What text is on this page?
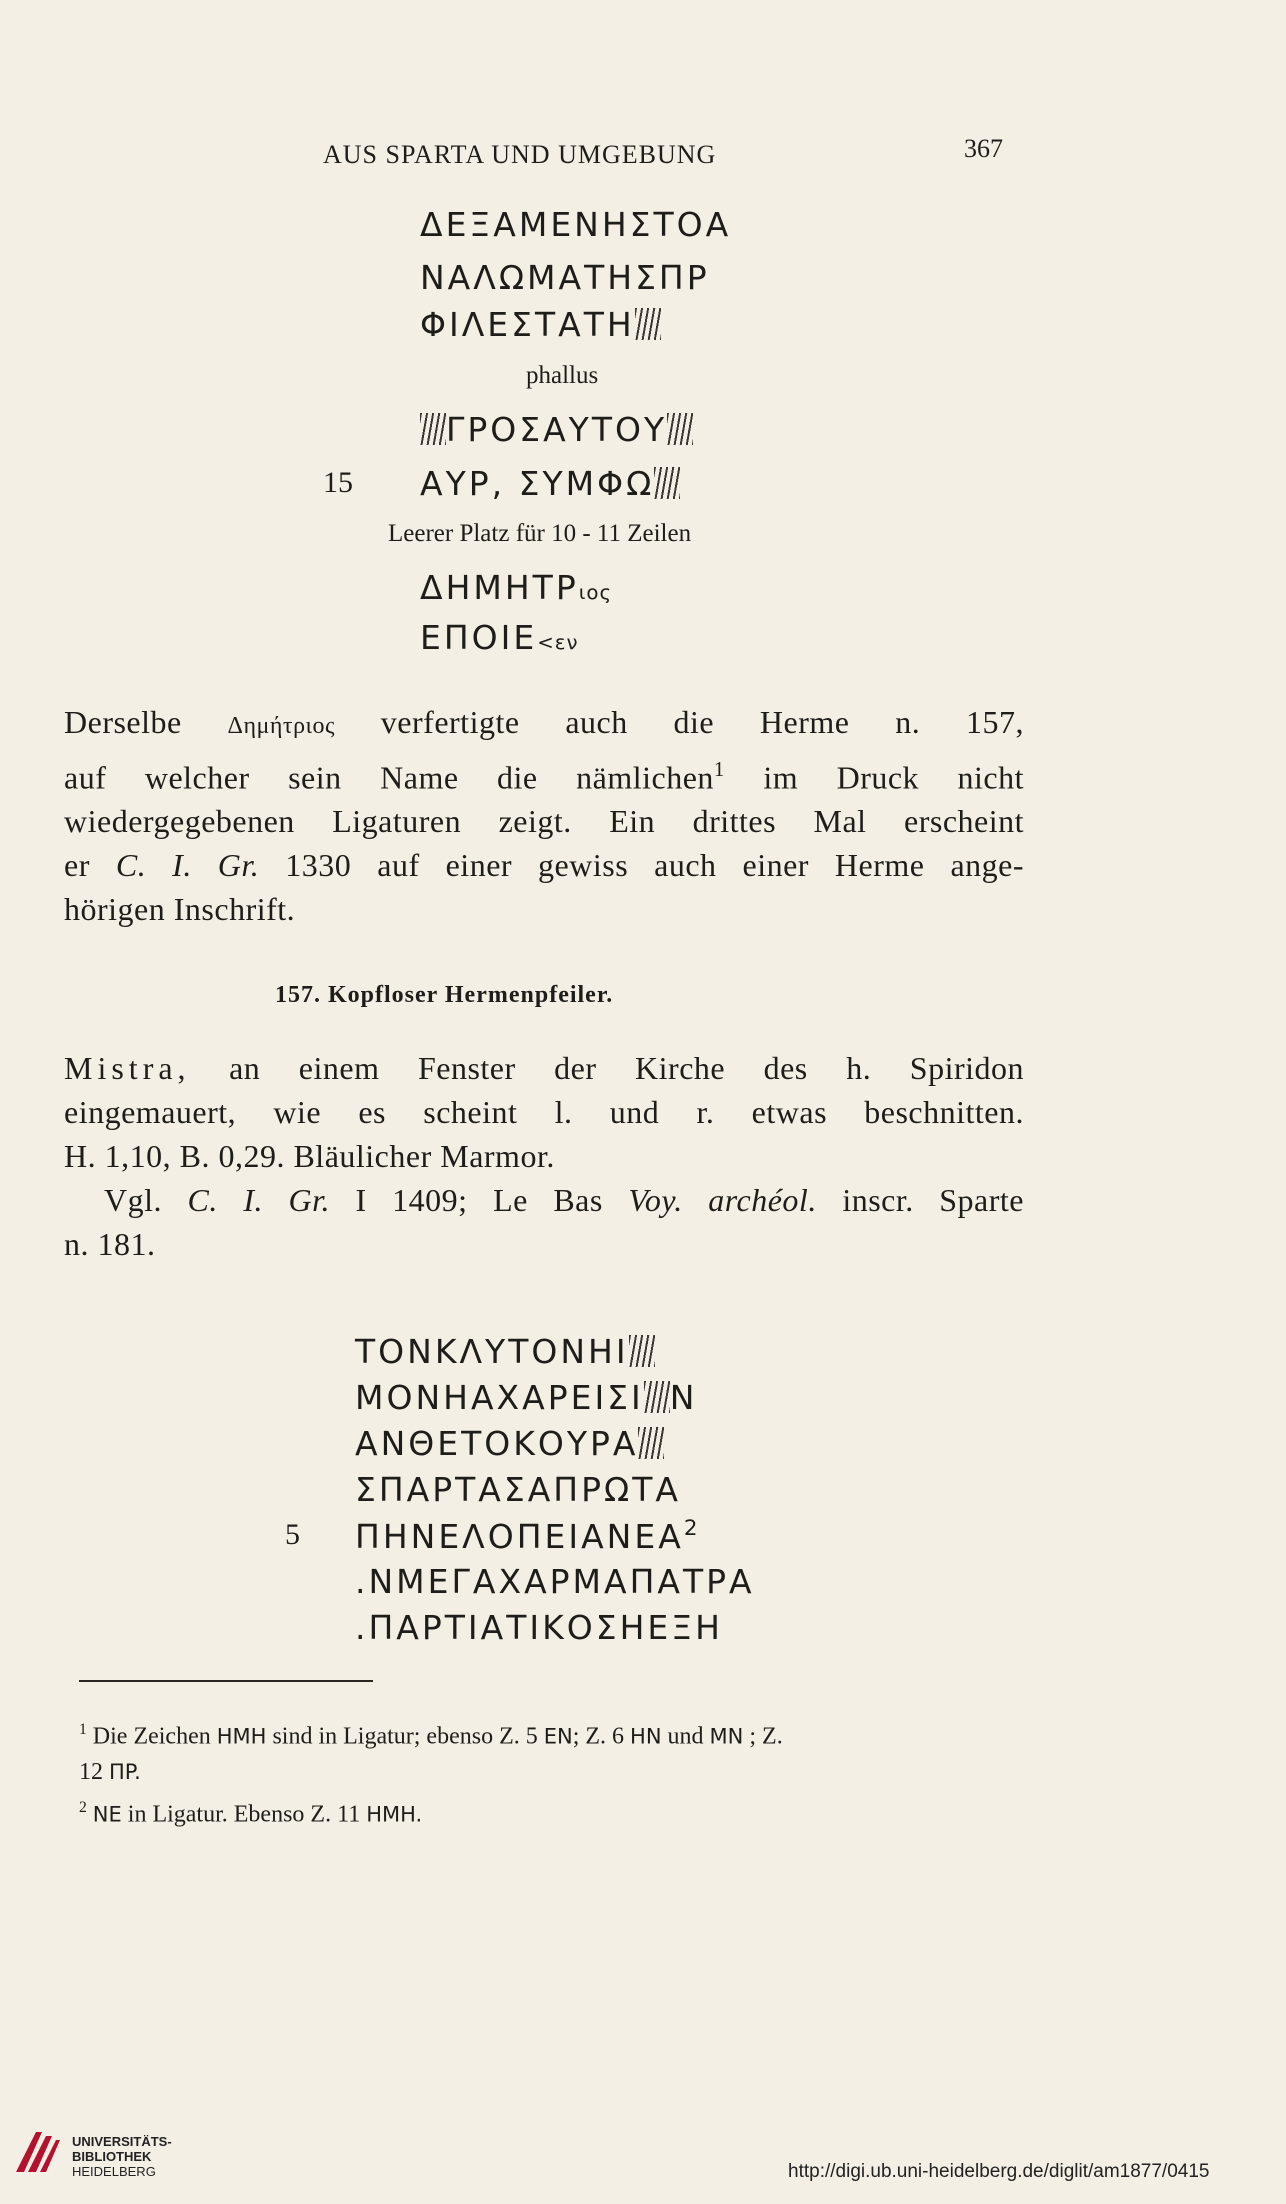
AUS SPARTA UND UMGEBUNG	367
ΔΕΞΑΜΕΝΗΣΤΟΑ
ΝΑΛΩΜΑΤΗΣΠΡ
ΦΙΛΕΣΤΑΤΗ
phallus
ΓΡΟΣΑΥΤΟΥ
15 ΑΥΡ, ΣΥΜΦΩ
Leerer Platz für 10 - 11 Zeilen
ΔΗΜΗΤΡιος
ΕΠΟΙΕ<εν
Derselbe Δημήτριος verfertigte auch die Herme n. 157,
auf welcher sein Name die nämlichen$^1$ im Druck nicht
wiedergegebenen Ligaturen zeigt. Ein drittes Mal erscheint
er C. I. Gr. 1330 auf einer gewiss auch einer Herme ange-
hörigen Inschrift.
157. Kopfloser Hermenpfeiler.
Mistra, an einem Fenster der Kirche des h. Spiridon
eingemauert, wie es scheint l. und r. etwas beschnitten.
H. 1,10, B. 0,29. Bläulicher Marmor.
Vgl. C. I. Gr. I 1409; Le Bas Voy. archéol. inscr. Sparte
n. 181.
ΤΟΝΚΛΥΤΟΝΗΙ
ΜΟΝΗΑΧΑΡΕΙΣΙ Ν
ΑΝΘΕΤΟΚΟΥΡΑ
ΣΠΑΡΤΑΣΑΠΡΩΤΑ
5 ΠΗΝΕΛΟΠΕΙΑΝΕΑ$^2$
.ΝΜΕΓΑΧΑΡΜΑΠΑΤΡΑ
.ΠΑΡΤΙΑΤΙΚΟΣΗΕΞΗ
$^1$ Die Zeichen HMH sind in Ligatur; ebenso Z. 5 EN; Z. 6 HN und MN ; Z.
12 ΠP.
$^2$ NE in Ligatur. Ebenso Z. 11 HMH.
UNIVERSITÄTS-
BIBLIOTHEK
HEIDELBERG	http://digi.ub.uni-heidelberg.de/diglit/am1877/0415
